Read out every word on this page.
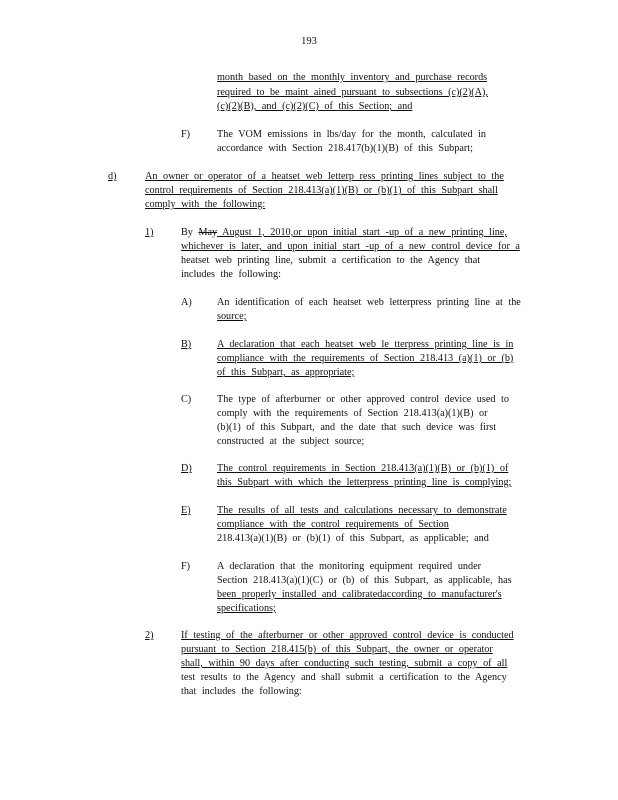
193
month based on the monthly inventory and purchase records
required to be maint ained pursuant to subsections (c)(2)(A),
(c)(2)(B), and (c)(2)(C) of this Section; and
F)	The VOM emissions in lbs/day for the month, calculated in
accordance with Section 218.417(b)(1)(B) of this Subpart;
d)	An owner or operator of a heatset web letterp ress printing lines subject to the
control requirements of Section 218.413(a)(1)(B) or (b)(1) of this Subpart shall
comply with the following:
1)	By May August 1, 2010,or upon initial start -up of a new printing line,
whichever is later, and upon initial start -up of a new control device for a
heatset web printing line, submit a certification to the Agency that
includes the following:
A) An identification of each heatset web letterpress printing line at the
source;
B)	A declaration that each heatset web le tterpress printing line is in
compliance with the requirements of Section 218.413 (a)(1) or (b)
of this Subpart, as appropriate;
C)	The type of afterburner or other approved control device used to
comply with the requirements of Section 218.413(a)(1)(B) or
(b)(1) of this Subpart, and the date that such device was first
constructed at the subject source;
D) The control requirements in Section 218.413(a)(1)(B) or (b)(1) of
this Subpart with which the letterpress printing line is complying;
E)	The results of all tests and calculations necessary to demonstrate
compliance with the control requirements of Section
218.413(a)(1)(B) or (b)(1) of this Subpart, as applicable; and
F)	A declaration that the monitoring equipment required under
Section 218.413(a)(1)(C) or (b) of this Subpart, as applicable, has
been properly installed and calibratedaccording to manufacturer's
specifications;
2)	If testing of the afterburner or other approved control device is conducted
pursuant to Section 218.415(b) of this Subpart, the owner or operator
shall, within 90 days after conducting such testing, submit a copy of all
test results to the Agency and shall submit a certification to the Agency
that includes the following:
